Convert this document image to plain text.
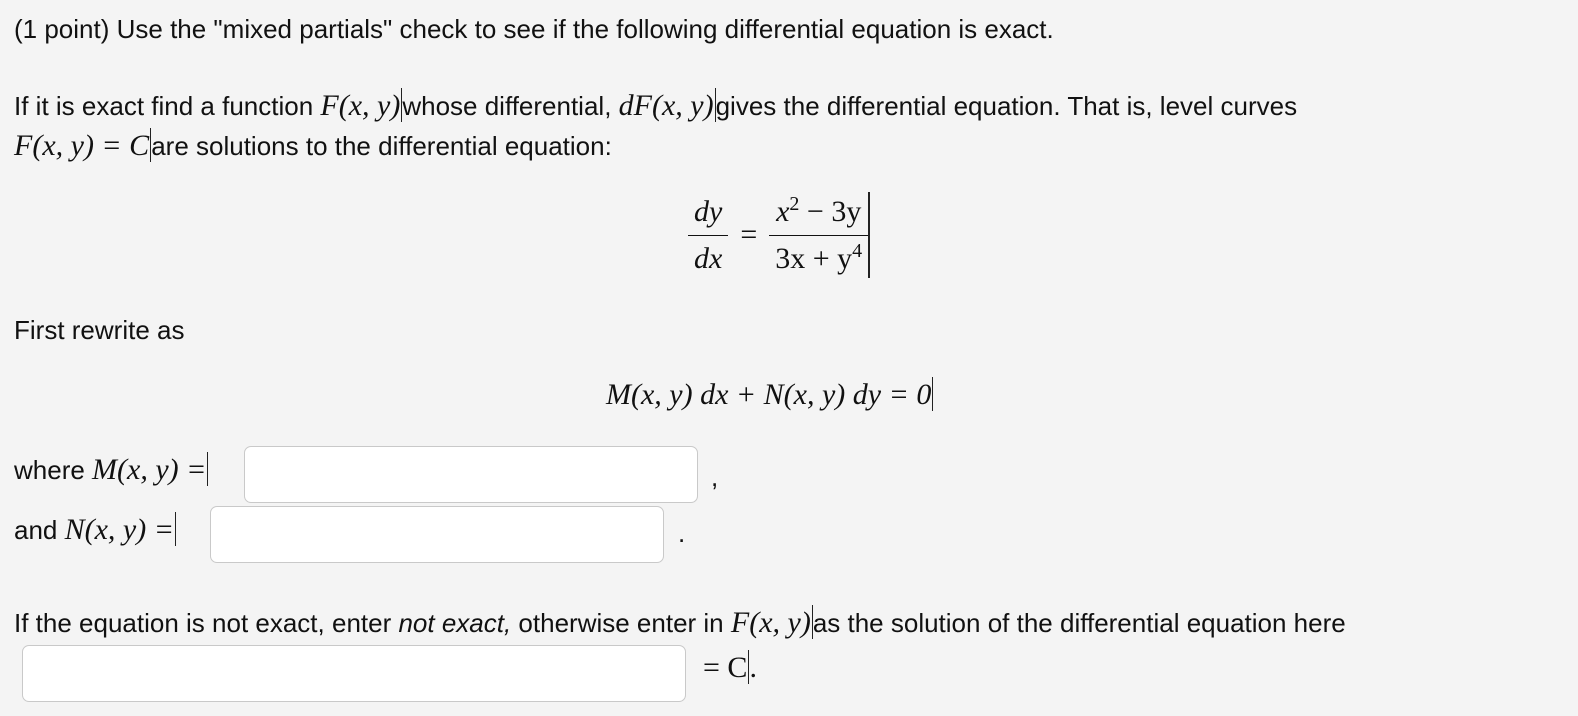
(1 point) Use the "mixed partials" check to see if the following differential equation is exact.
If it is exact find a function F(x, y)whose differential, dF(x, y)gives the differential equation. That is, level curves
F(x, y) = Care solutions to the differential equation:
$\frac{dy}{dx} = \frac{x^2 - 3y}{3x + y^4}$
First rewrite as
M(x, y) dx + N(x, y) dy = 0
where M(x, y) =	,
and N(x, y) =	.
If the equation is not exact, enter not exact, otherwise enter in F(x, y)as the solution of the differential equation here
= C.
